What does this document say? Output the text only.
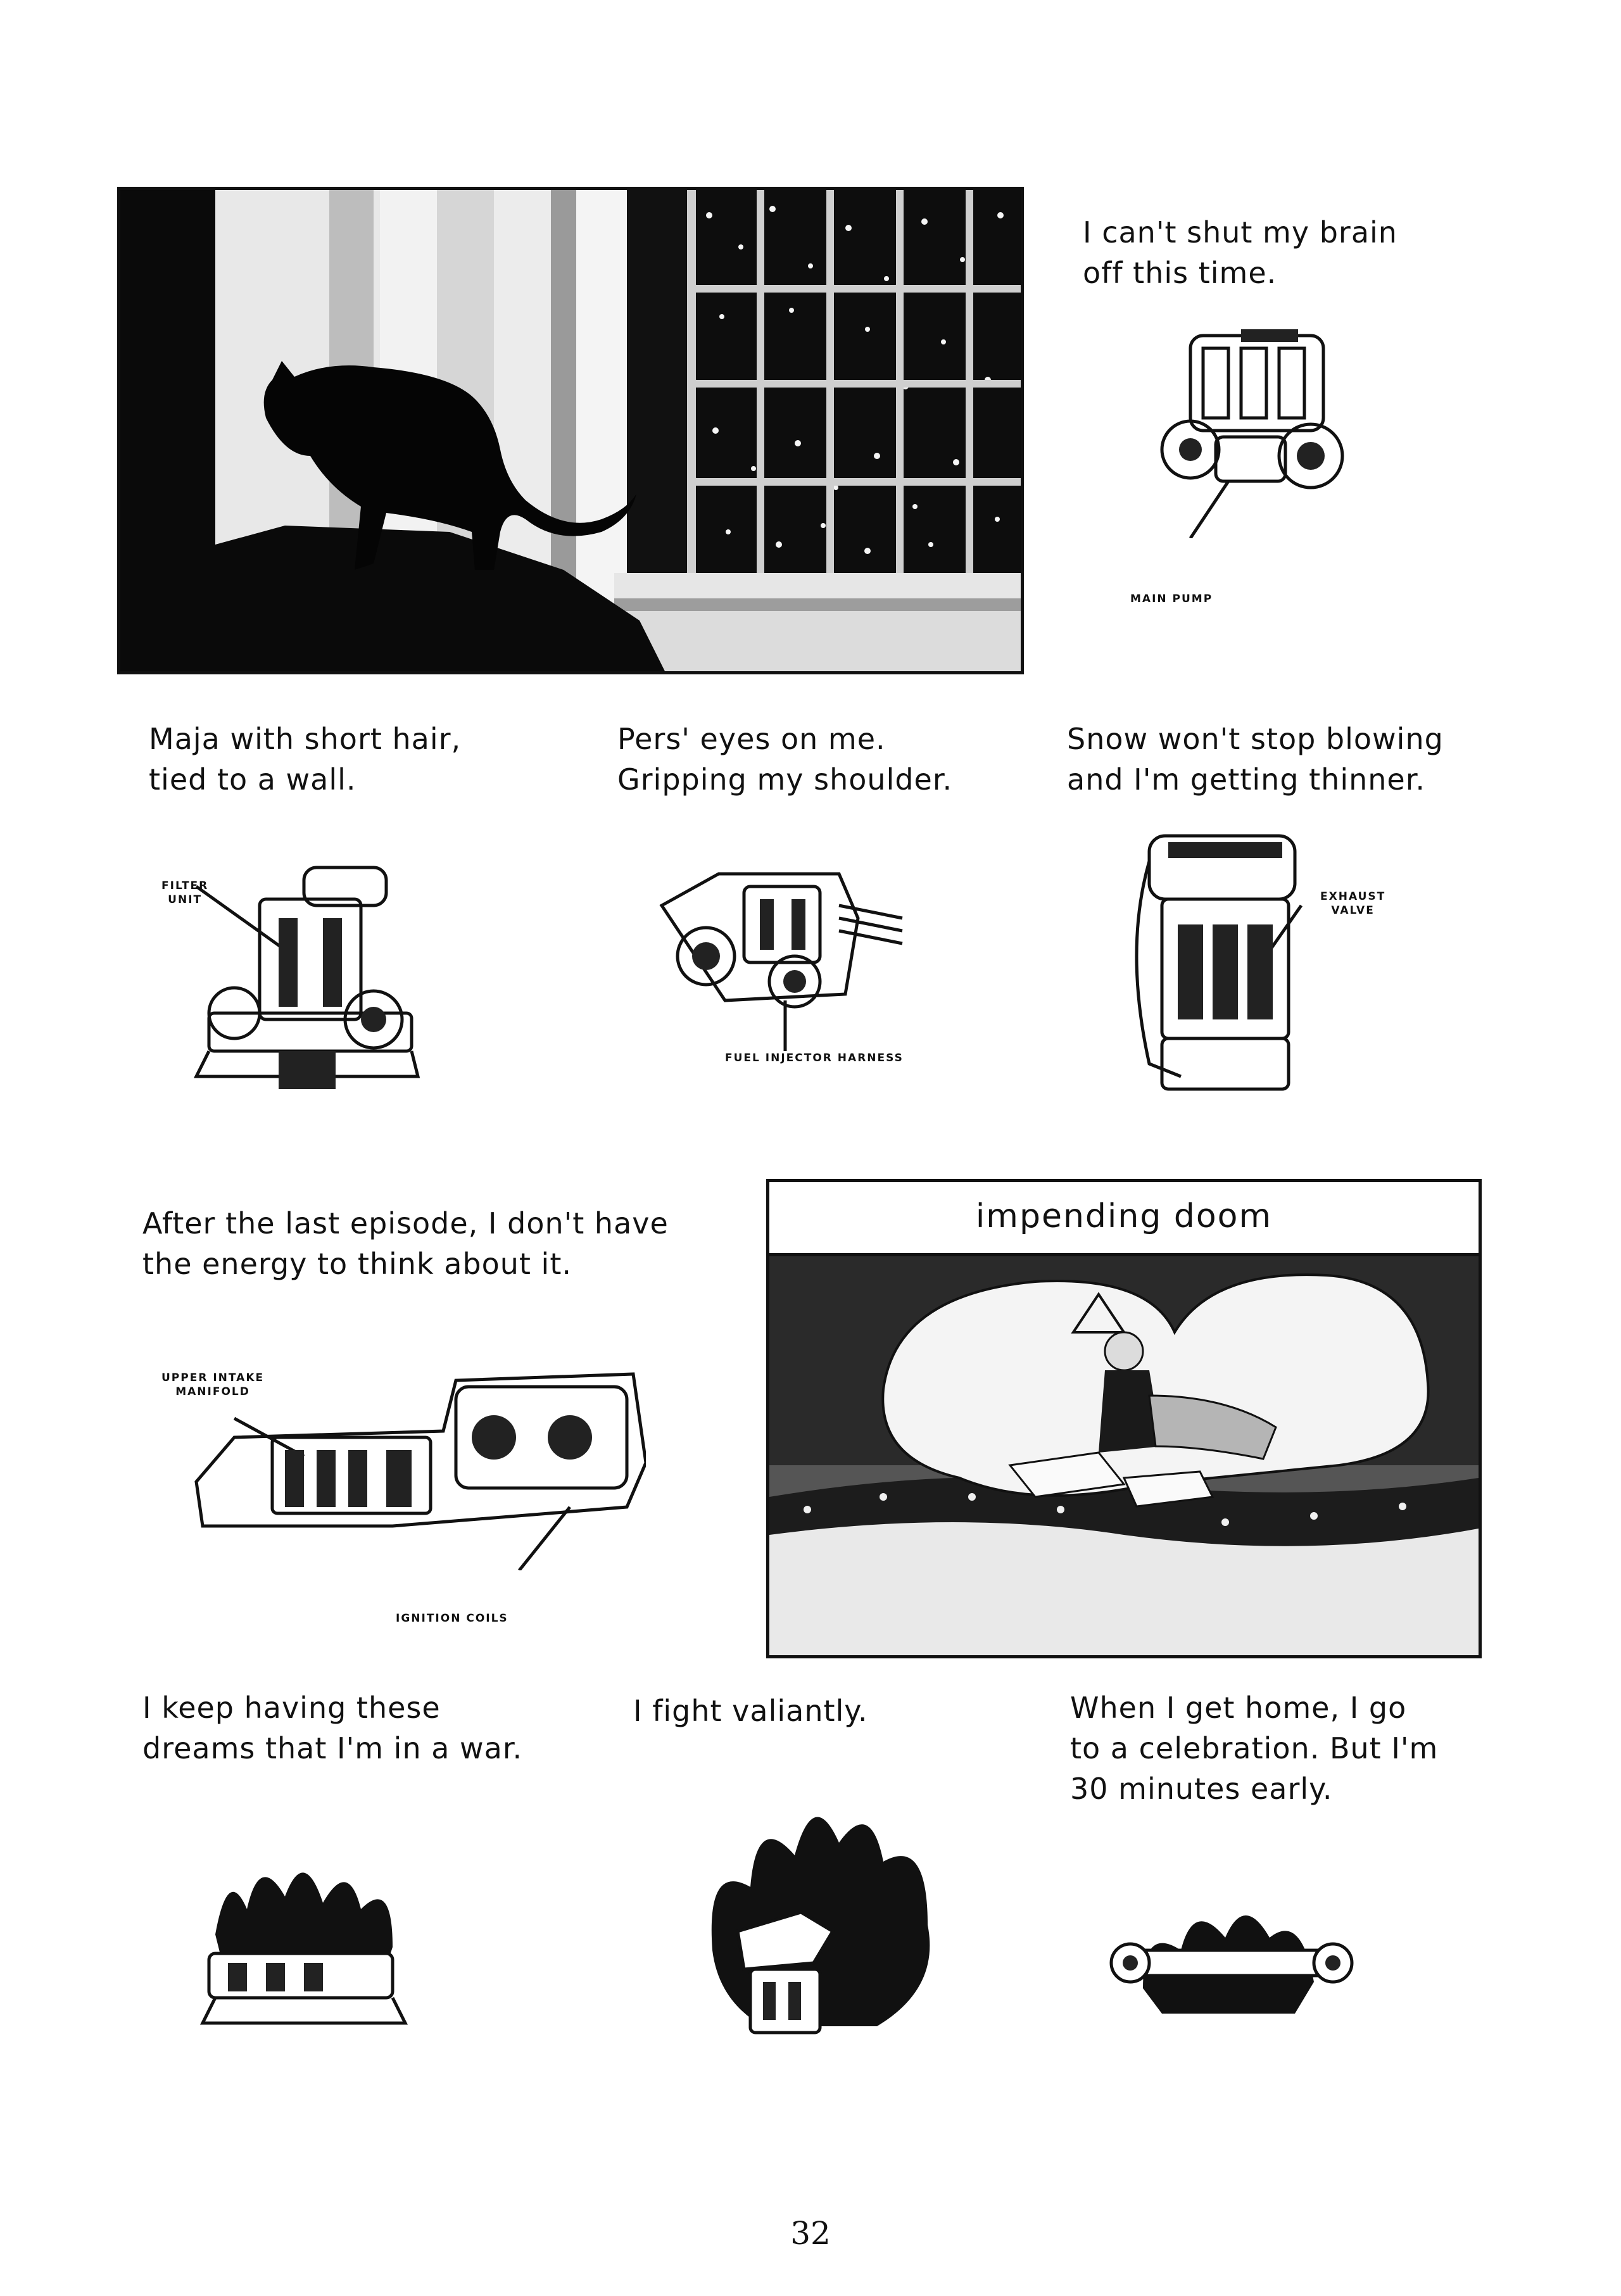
I can't shut my brain
off this time.
MAIN PUMP
Maja with short hair,
tied to a wall.
Pers' eyes on me.
Gripping my shoulder.
Snow won't stop blowing
and I'm getting thinner.
FILTER
UNIT
FUEL INJECTOR HARNESS
EXHAUST
VALVE
After the last episode, I don't have
the energy to think about it.
UPPER INTAKE
MANIFOLD
IGNITION COILS
impending doom
I keep having these
dreams that I'm in a war.
I fight valiantly.	When I get home, I go
to a celebration. But I'm
30 minutes early.
32
